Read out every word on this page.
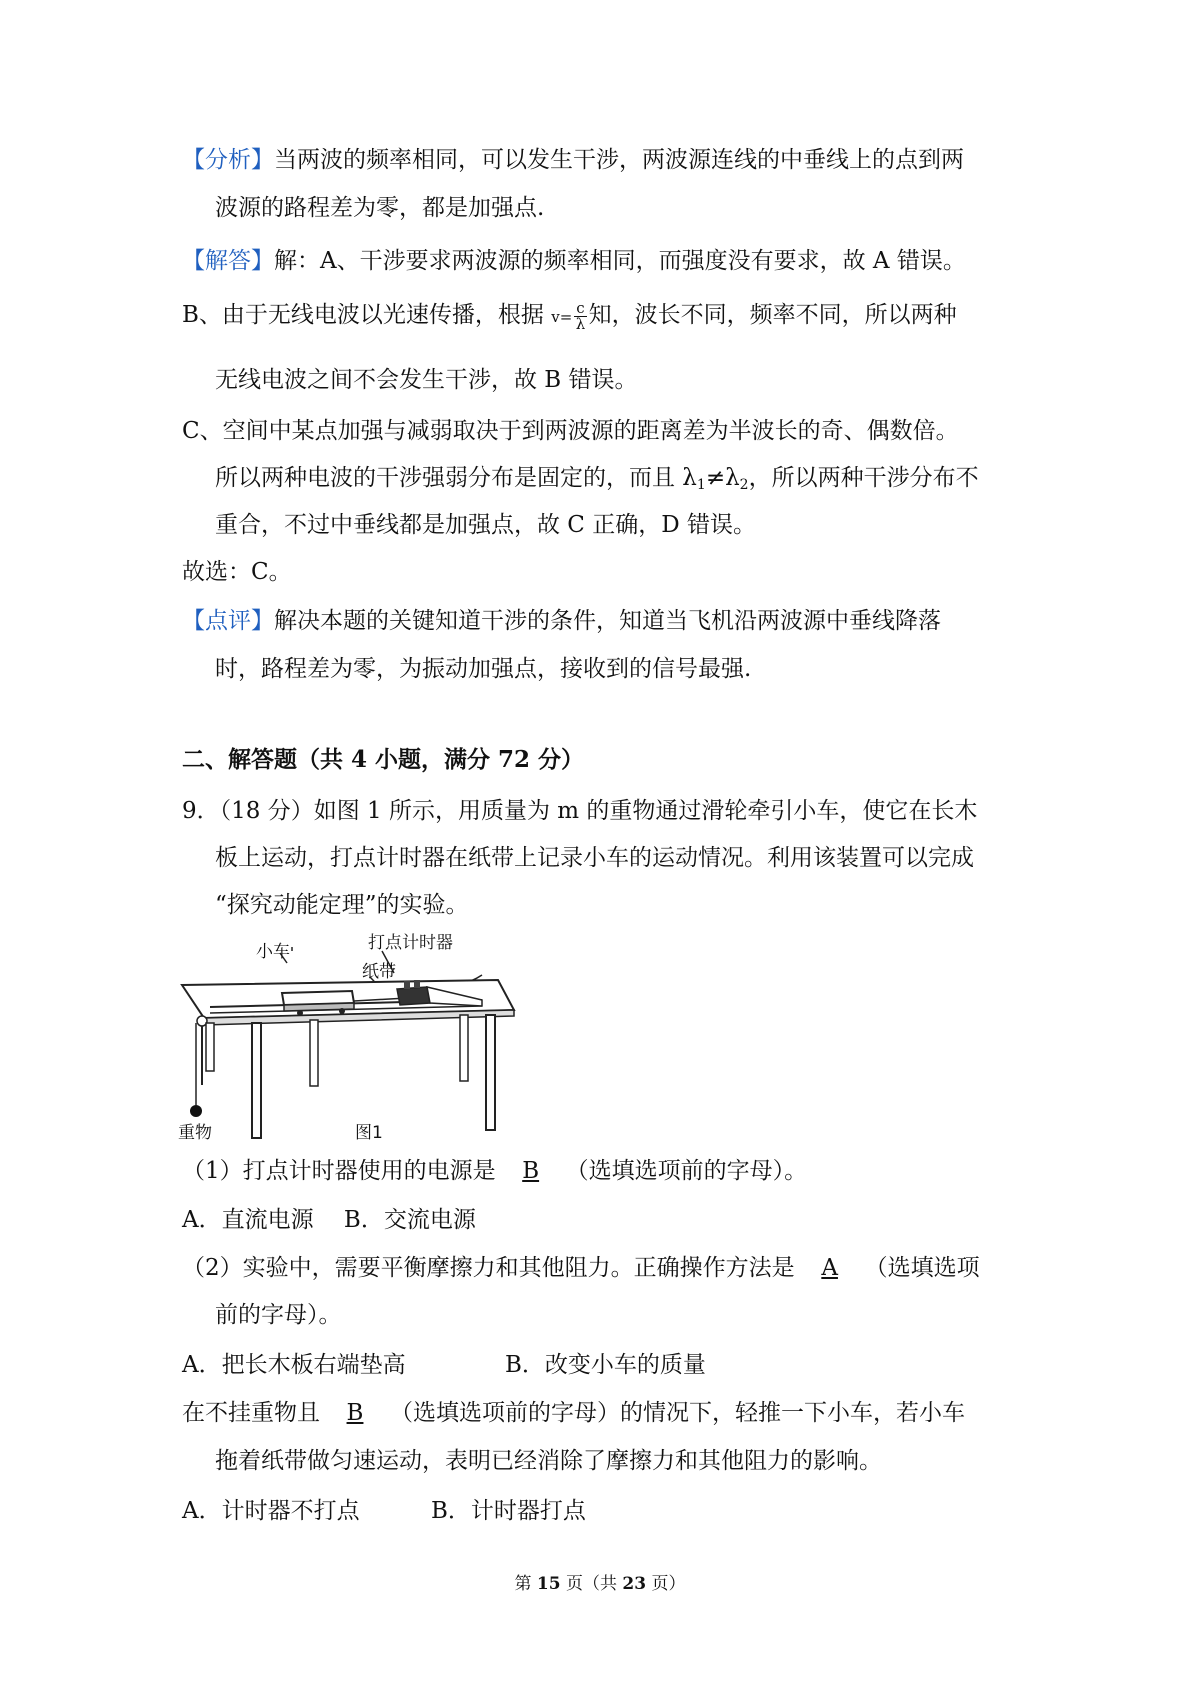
【分析】当两波的频率相同，可以发生干涉，两波源连线的中垂线上的点到两
波源的路程差为零，都是加强点.
【解答】解：A、干涉要求两波源的频率相同，而强度没有要求，故 A 错误。
B、由于无线电波以光速传播，根据 $v= \frac{c}{\lambda}$ 知，波长不同，频率不同，所以两种
无线电波之间不会发生干涉，故 B 错误。
C、空间中某点加强与减弱取决于到两波源的距离差为半波长的奇、偶数倍。
所以两种电波的干涉强弱分布是固定的，而且 $\lambda_1\ne\lambda_2$，所以两种干涉分布不
重合，不过中垂线都是加强点，故 C 正确，D 错误。
故选：C。
【点评】解决本题的关键知道干涉的条件，知道当飞机沿两波源中垂线降落
时，路程差为零，为振动加强点，接收到的信号最强.
二、解答题（共 4 小题，满分 72 分）
9．（18 分）如图 1 所示，用质量为 m 的重物通过滑轮牵引小车，使它在长木
板上运动，打点计时器在纸带上记录小车的运动情况。利用该装置可以完成
“探究动能定理”的实验。
打点计时器
小车
纸带
重物	图1
（1）打点计时器使用的电源是 B （选填选项前的字母）。
A．直流电源　 B．交流电源
（2）实验中，需要平衡摩擦力和其他阻力。正确操作方法是 A （选填选项
前的字母）。
A．把长木板右端垫高	B．改变小车的质量
在不挂重物且 B （选填选项前的字母）的情况下，轻推一下小车，若小车
拖着纸带做匀速运动，表明已经消除了摩擦力和其他阻力的影响。
A．计时器不打点	B．计时器打点
第 15 页（共 23 页）
